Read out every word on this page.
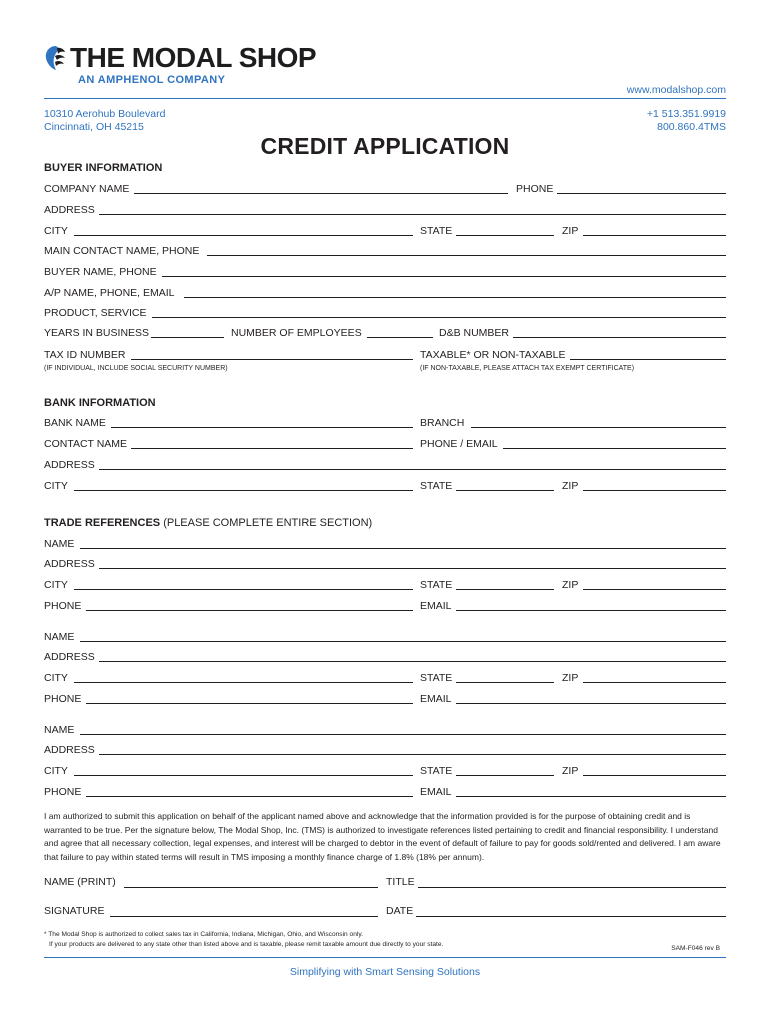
THE MODAL SHOP
AN AMPHENOL COMPANY
www.modalshop.com
10310 Aerohub Boulevard
Cincinnati, OH 45215
+1 513.351.9919
800.860.4TMS
CREDIT APPLICATION
BUYER INFORMATION
COMPANY NAME	PHONE
ADDRESS
CITY	STATE	ZIP
MAIN CONTACT NAME, PHONE
BUYER NAME, PHONE
A/P NAME, PHONE, EMAIL
PRODUCT, SERVICE
YEARS IN BUSINESS	NUMBER OF EMPLOYEES	D&B NUMBER
TAX ID NUMBER	TAXABLE* OR NON-TAXABLE
(IF INDIVIDUAL, INCLUDE SOCIAL SECURITY NUMBER)	(IF NON-TAXABLE, PLEASE ATTACH TAX EXEMPT CERTIFICATE)
BANK INFORMATION
BANK NAME	BRANCH
CONTACT NAME	PHONE / EMAIL
ADDRESS
CITY	STATE	ZIP
TRADE REFERENCES (PLEASE COMPLETE ENTIRE SECTION)
NAME
ADDRESS
CITY	STATE	ZIP
PHONE	EMAIL
NAME
ADDRESS
CITY	STATE	ZIP
PHONE	EMAIL
NAME
ADDRESS
CITY	STATE	ZIP
PHONE	EMAIL
I am authorized to submit this application on behalf of the applicant named above and acknowledge that the information provided is for the purpose of obtaining credit and is warranted to be true. Per the signature below, The Modal Shop, Inc. (TMS) is authorized to investigate references listed pertaining to credit and financial responsibility. I understand and agree that all necessary collection, legal expenses, and interest will be charged to debtor in the event of default of failure to pay for goods sold/rented and delivered. I am aware that failure to pay within stated terms will result in TMS imposing a monthly finance charge of 1.8% (18% per annum).
NAME (PRINT)	TITLE
SIGNATURE	DATE
* The Modal Shop is authorized to collect sales tax in California, Indiana, Michigan, Ohio, and Wisconsin only.
If your products are delivered to any state other than listed above and is taxable, please remit taxable amount due directly to your state.
SAM-F046 rev B
Simplifying with Smart Sensing Solutions
